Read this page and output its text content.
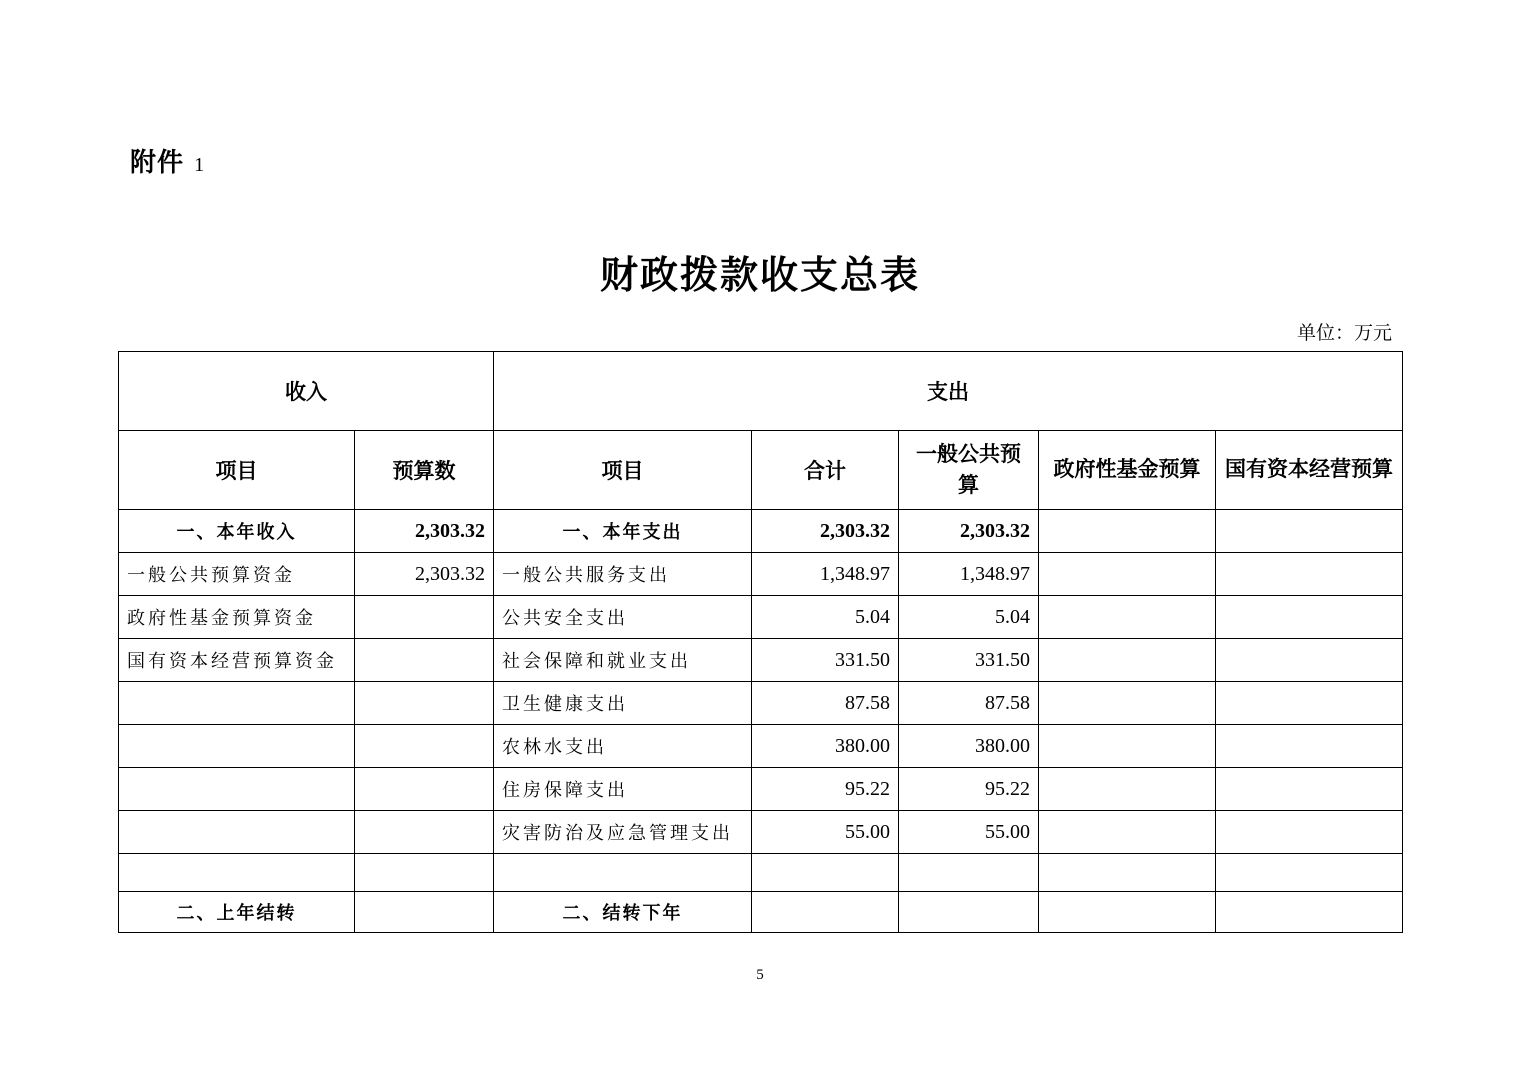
附件 1
财政拨款收支总表
单位：万元
收入		支出				
项目	预算数	项目	合计	一般公共预算	政府性基金预算	国有资本经营预算
一、本年收入	2,303.32	一、本年支出	2,303.32	2,303.32		
一般公共预算资金	2,303.32	一般公共服务支出	1,348.97	1,348.97		
政府性基金预算资金		公共安全支出	5.04	5.04		
国有资本经营预算资金		社会保障和就业支出	331.50	331.50		
		卫生健康支出	87.58	87.58		
		农林水支出	380.00	380.00		
		住房保障支出	95.22	95.22		
		灾害防治及应急管理支出	55.00	55.00		

二、上年结转		二、结转下年				
5
